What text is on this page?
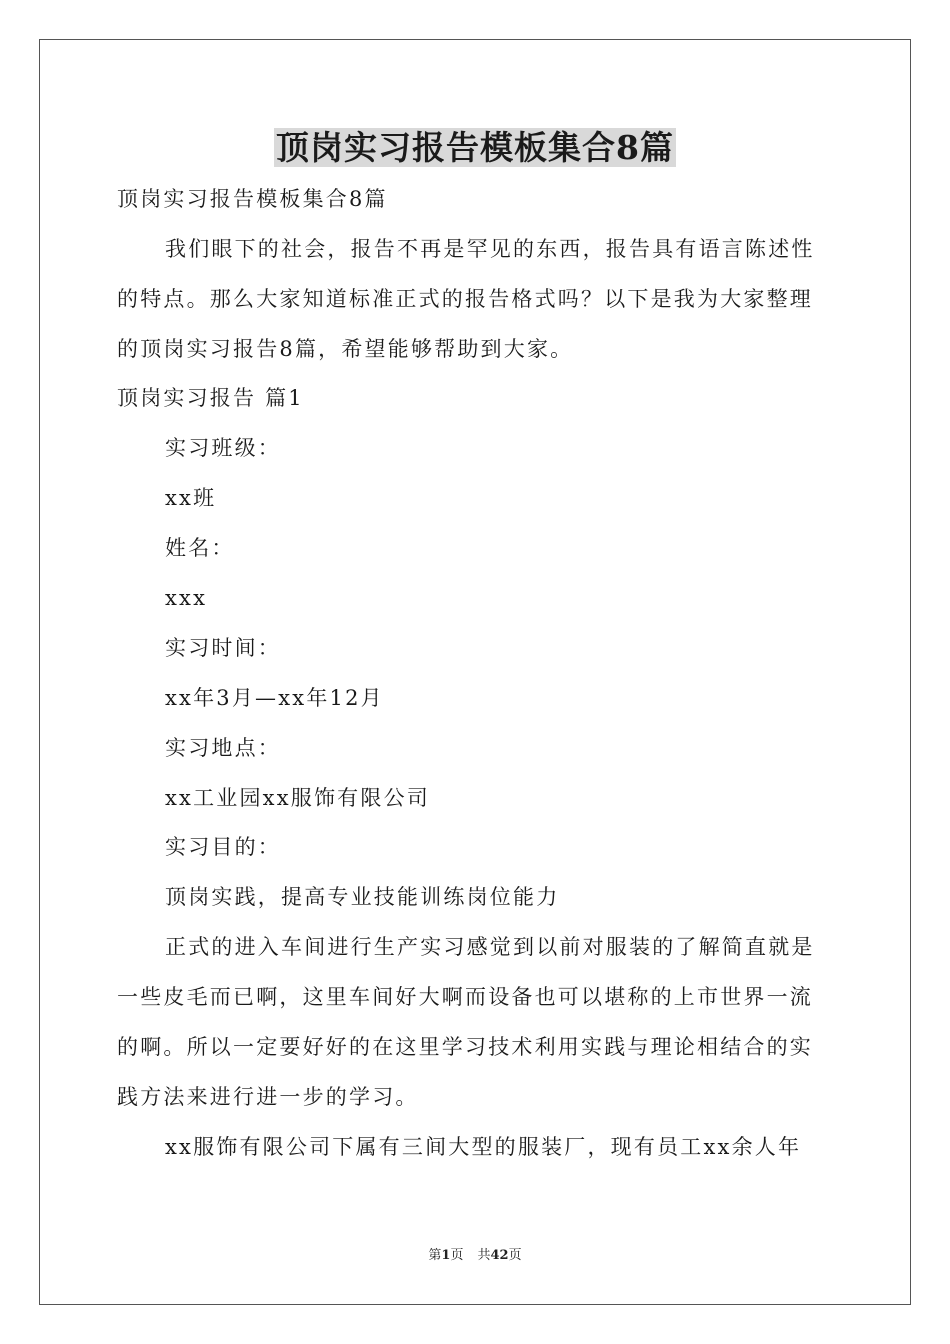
顶岗实习报告模板集合8篇
顶岗实习报告模板集合8篇
我们眼下的社会，报告不再是罕见的东西，报告具有语言陈述性
的特点。那么大家知道标准正式的报告格式吗？以下是我为大家整理
的顶岗实习报告8篇，希望能够帮助到大家。
顶岗实习报告 篇1
实习班级：
xx班
姓名：
xxx
实习时间：
xx年3月—xx年12月
实习地点：
xx工业园xx服饰有限公司
实习目的：
顶岗实践，提高专业技能训练岗位能力
正式的进入车间进行生产实习感觉到以前对服装的了解简直就是
一些皮毛而已啊，这里车间好大啊而设备也可以堪称的上市世界一流
的啊。所以一定要好好的在这里学习技术利用实践与理论相结合的实
践方法来进行进一步的学习。
xx服饰有限公司下属有三间大型的服装厂，现有员工xx余人年
第1页 共42页
